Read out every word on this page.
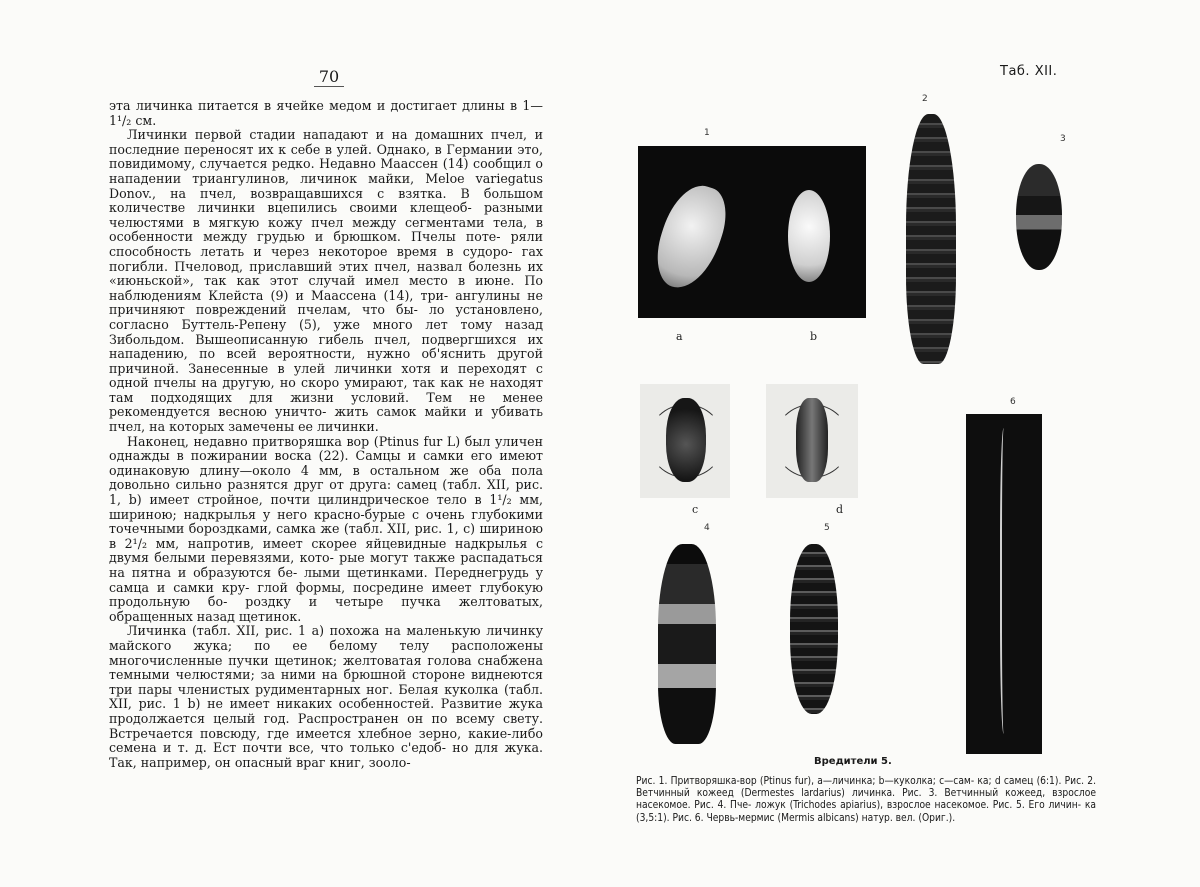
70	Таб. XII.

эта личинка питается в ячейке медом и достигает длины в 1—1¹/₂ см.

Личинки первой стадии нападают и на домашних пчел, и последние переносят их к себе в улей. Однако, в Германии это, повидимому, случается редко. Недавно Маассен (14) сообщил о нападении триангулинов, личинок майки, Meloe variegatus Donov., на пчел, возвращавшихся с взятка. В большом количестве личинки вцепились своими клещеоб- разными челюстями в мягкую кожу пчел между сегментами тела, в особенности между грудью и брюшком. Пчелы поте- ряли способность летать и через некоторое время в судоро- гах погибли. Пчеловод, приславший этих пчел, назвал болезнь их «июньской», так как этот случай имел место в июне. По наблюдениям Клейста (9) и Маассена (14), три- ангулины не причиняют повреждений пчелам, что бы- ло установлено, согласно Буттель-Репену (5), уже много лет тому назад Зибольдом. Вышеописанную гибель пчел, подвергшихся их нападению, по всей вероятности, нужно об'яснить другой причиной. Занесенные в улей личинки хотя и переходят с одной пчелы на другую, но скоро умирают, так как не находят там подходящих для жизни условий. Тем не менее рекомендуется весною уничто- жить самок майки и убивать пчел, на которых замечены ее личинки.

Наконец, недавно притворяшка вор (Ptinus fur L) был уличен однажды в пожирании воска (22). Самцы и самки его имеют одинаковую длину—около 4 мм, в остальном же оба пола довольно сильно разнятся друг от друга: самец (табл. XII, рис. 1, b) имеет стройное, почти цилиндрическое тело в 1¹/₂ мм, шириною; надкрылья у него красно-бурые с очень глубокими точечными бороздками, самка же (табл. XII, рис. 1, c) шириною в 2¹/₂ мм, напротив, имеет скорее яйцевидные надкрылья с двумя белыми перевязями, кото- рые могут также распадаться на пятна и образуются бе- лыми щетинками. Переднегрудь у самца и самки кру- глой формы, посредине имеет глубокую продольную бо- роздку и четыре пучка желтоватых, обращенных назад щетинок.

Личинка (табл. XII, рис. 1 a) похожа на маленькую личинку майского жука; по ее белому телу расположены многочисленные пучки щетинок; желтоватая голова снабжена темными челюстями; за ними на брюшной стороне виднеются три пары членистых рудиментарных ног. Белая куколка (табл. XII, рис. 1 b) не имеет никаких особенностей. Развитие жука продолжается целый год. Распространен он по всему свету. Встречается повсюду, где имеется хлебное зерно, какие-либо семена и т. д. Ест почти все, что только с'едоб- но для жука. Так, например, он опасный враг книг, зооло-

1
2
3
4	5
6
a	b
c	d
Вредители 5.
Рис. 1. Притворяшка-вор (Ptinus fur), a—личинка; b—куколка; c—сам- ка; d самец (6:1). Рис. 2. Ветчинный кожеед (Dermestes lardarius) личинка. Рис. 3. Ветчинный кожеед, взрослое насекомое. Рис. 4. Пче- ложук (Trichodes apiarius), взрослое насекомое. Рис. 5. Его личин- ка (3,5:1). Рис. 6. Червь-мермис (Mermis albicans) натур. вел. (Ориг.).
